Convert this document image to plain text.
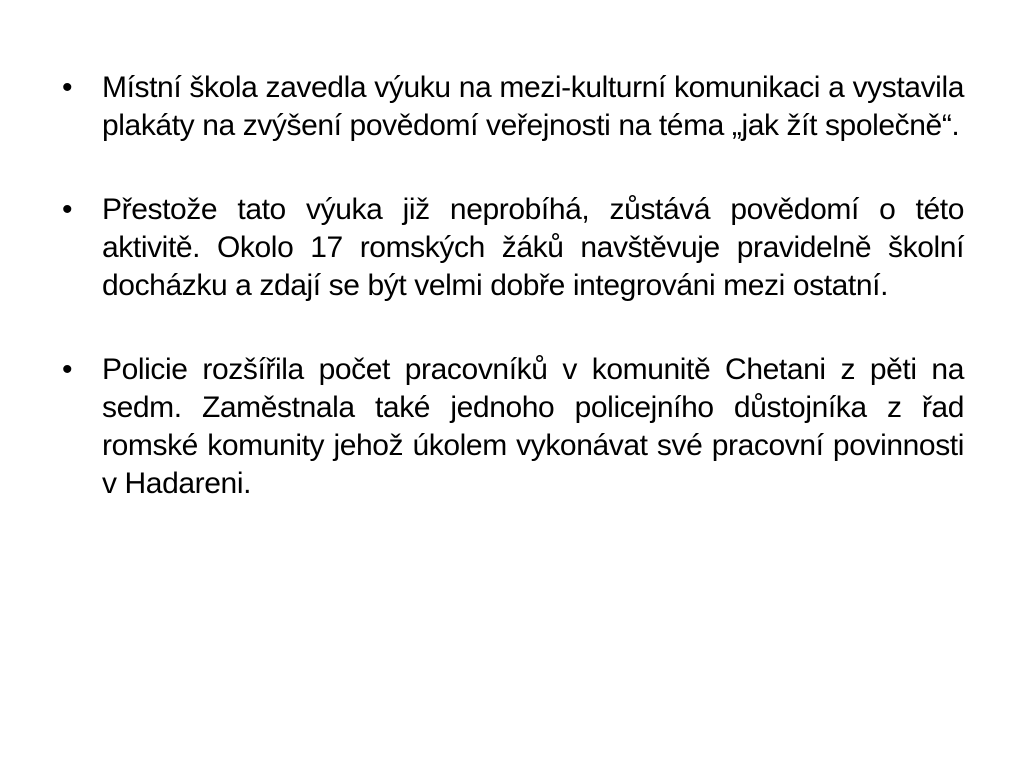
• Místní škola zavedla výuku na mezi-kulturní komunikaci a vystavila plakáty na zvýšení povědomí veřejnosti na téma „jak žít společně“.
• Přestože tato výuka již neprobíhá, zůstává povědomí o této aktivitě. Okolo 17 romských žáků navštěvuje pravidelně školní docházku a zdají se být velmi dobře integrováni mezi ostatní.
• Policie rozšířila počet pracovníků v komunitě Chetani z pěti na sedm. Zaměstnala také jednoho policejního důstojníka z řad romské komunity jehož úkolem vykonávat své pracovní povinnosti v Hadareni.
